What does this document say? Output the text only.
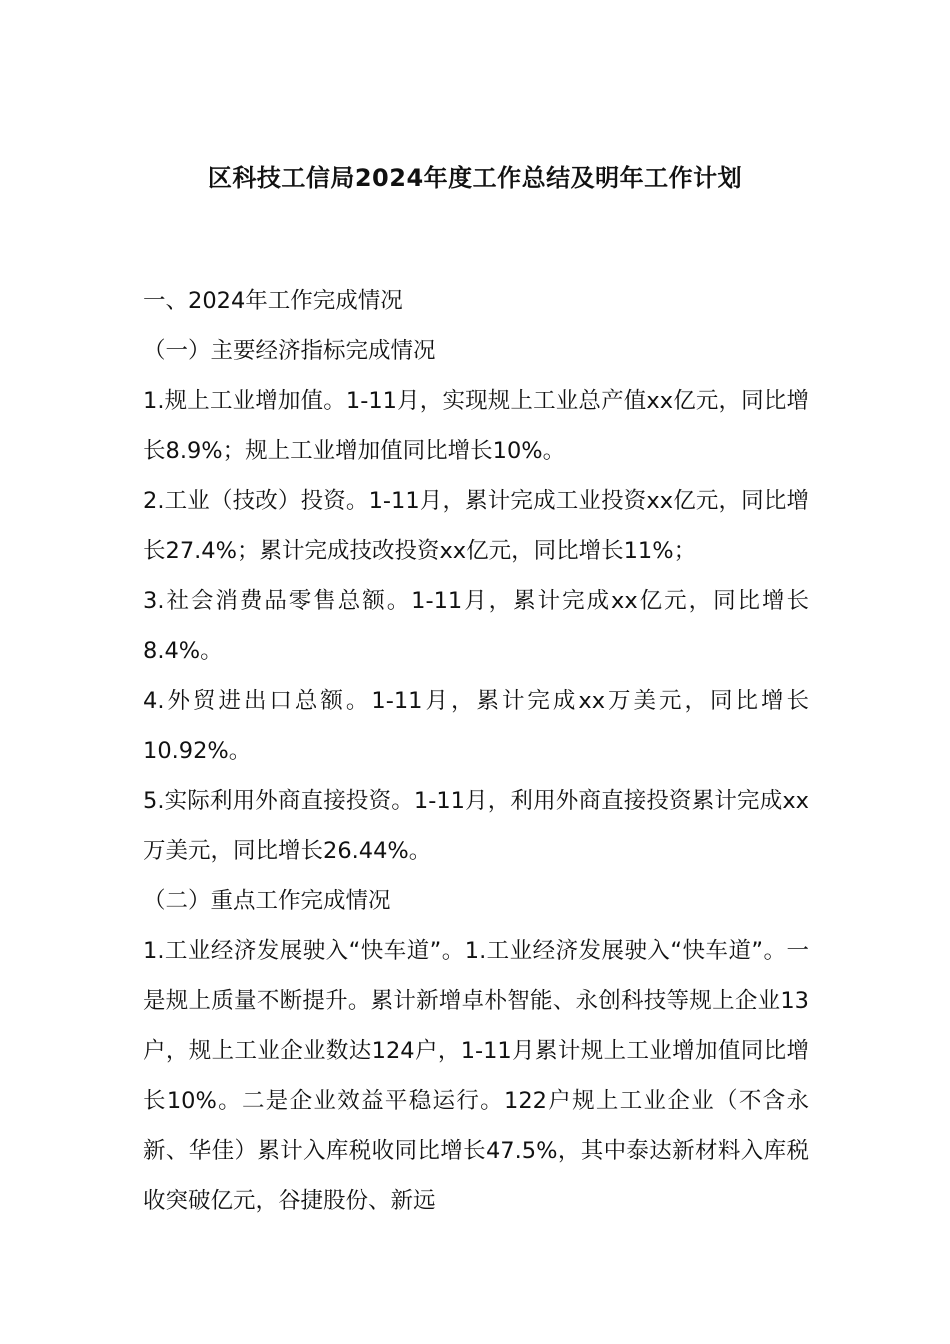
区科技工信局2024年度工作总结及明年工作计划

一、2024年工作完成情况

（一）主要经济指标完成情况

1.规上工业增加值。1-11月，实现规上工业总产值xx亿元，同比增长8.9%；规上工业增加值同比增长10%。

2.工业（技改）投资。1-11月，累计完成工业投资xx亿元，同比增长27.4%；累计完成技改投资xx亿元，同比增长11%；

3.社会消费品零售总额。1-11月，累计完成xx亿元，同比增长8.4%。

4.外贸进出口总额。1-11月，累计完成xx万美元，同比增长10.92%。

5.实际利用外商直接投资。1-11月，利用外商直接投资累计完成xx万美元，同比增长26.44%。

（二）重点工作完成情况

1.工业经济发展驶入“快车道”。1.工业经济发展驶入“快车道”。一是规上质量不断提升。累计新增卓朴智能、永创科技等规上企业13户，规上工业企业数达124户，1-11月累计规上工业增加值同比增长10%。二是企业效益平稳运行。122户规上工业企业（不含永新、华佳）累计入库税收同比增长47.5%，其中泰达新材料入库税收突破亿元，谷捷股份、新远
